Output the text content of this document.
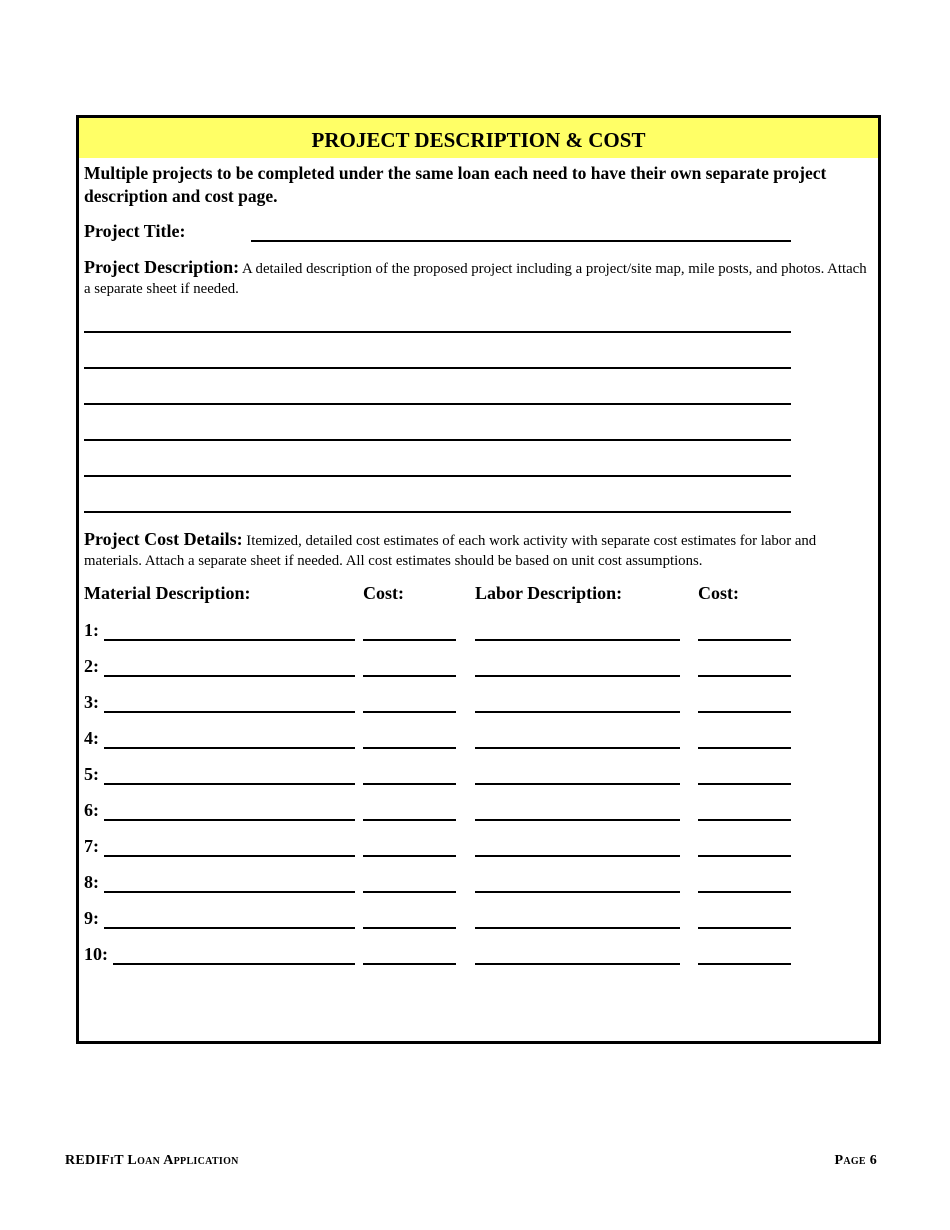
PROJECT DESCRIPTION & COST
Multiple projects to be completed under the same loan each need to have their own separate project description and cost page.
Project Title:
Project Description: A detailed description of the proposed project including a project/site map, mile posts, and photos. Attach a separate sheet if needed.
Project Cost Details: Itemized, detailed cost estimates of each work activity with separate cost estimates for labor and materials. Attach a separate sheet if needed. All cost estimates should be based on unit cost assumptions.
Material Description:	Cost:	Labor Description:	Cost:
1:
2:
3:
4:
5:
6:
7:
8:
9:
10:
REDIFiT Loan Application	Page 6
